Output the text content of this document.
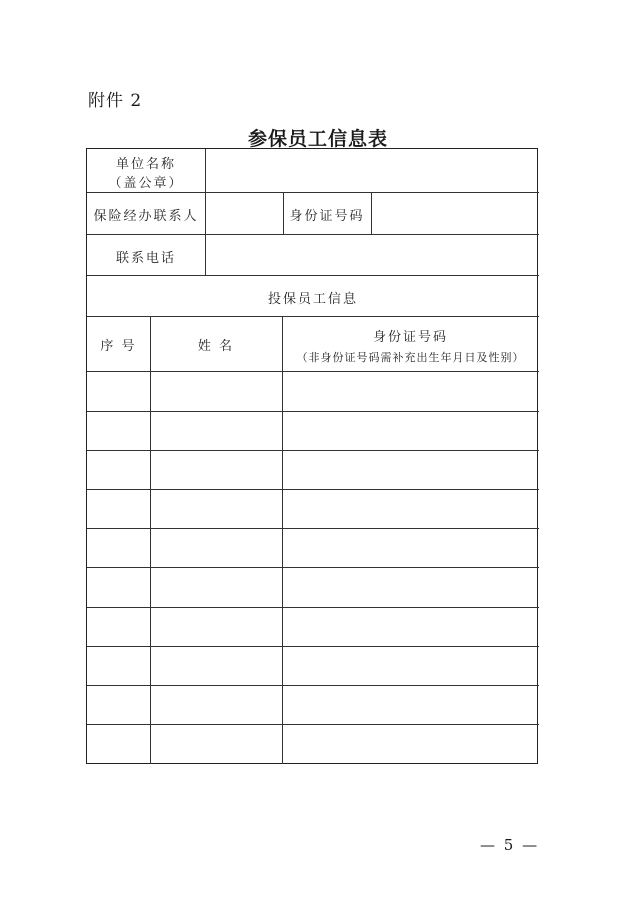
附件 2
参保员工信息表
单位名称
（盖公章）
保险经办联系人	身份证号码
联系电话
投保员工信息
序 号	姓 名
身份证号码
（非身份证号码需补充出生年月日及性别）
— 5 —
